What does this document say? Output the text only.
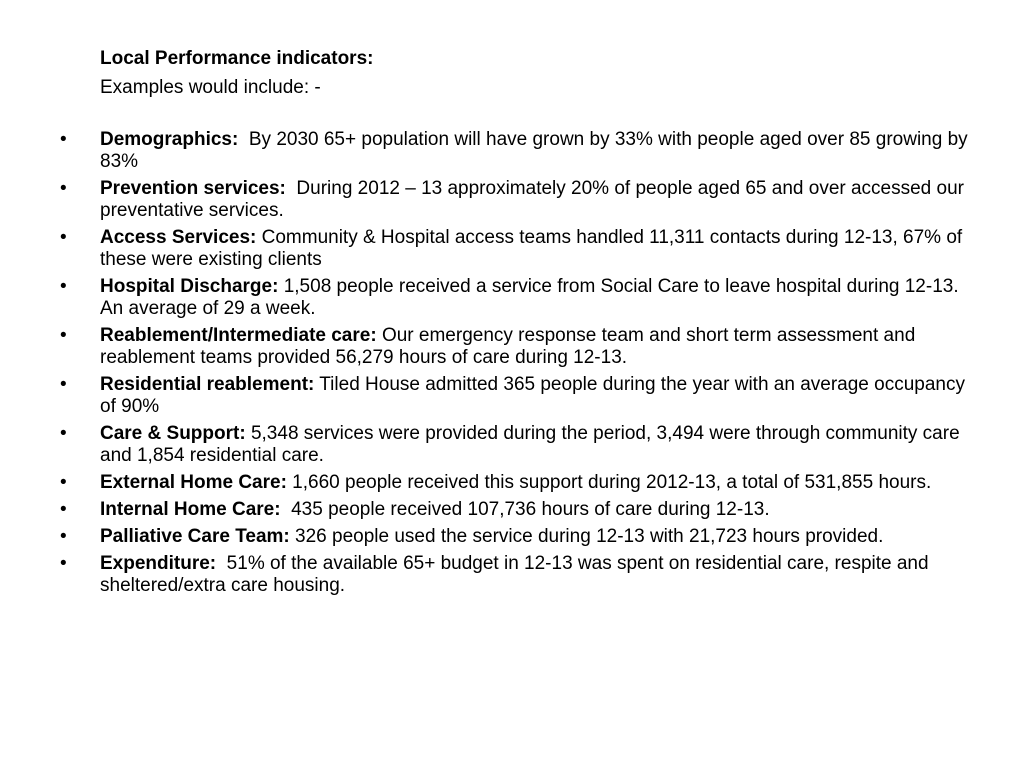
Local Performance indicators:
Examples would include: -
•	Demographics:  By 2030 65+ population will have grown by 33% with people aged over 85 growing by 83%
•	Prevention services:  During 2012 – 13 approximately 20% of people aged 65 and over accessed our preventative services.
•	Access Services: Community & Hospital access teams handled 11,311 contacts during 12-13, 67% of these were existing clients
•	Hospital Discharge: 1,508 people received a service from Social Care to leave hospital during 12-13. An average of 29 a week.
•	Reablement/Intermediate care: Our emergency response team and short term assessment and reablement teams provided 56,279 hours of care during 12-13.
•	Residential reablement: Tiled House admitted 365 people during the year with an average occupancy of 90%
•	Care & Support: 5,348 services were provided during the period, 3,494 were through community care and 1,854 residential care.
•	External Home Care: 1,660 people received this support during 2012-13, a total of 531,855 hours.
•	Internal Home Care:  435 people received 107,736 hours of care during 12-13.
•	Palliative Care Team: 326 people used the service during 12-13 with 21,723 hours provided.
•	Expenditure:  51% of the available 65+ budget in 12-13 was spent on residential care, respite and sheltered/extra care housing.
